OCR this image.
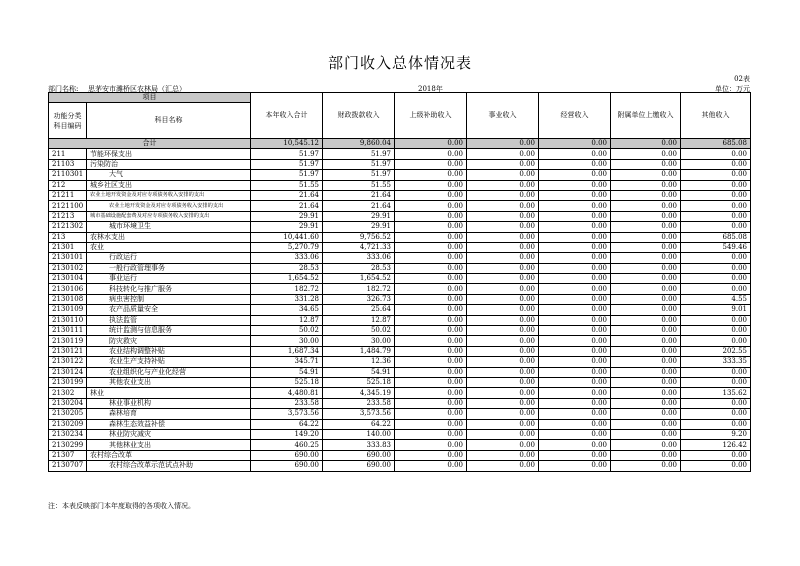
部门收入总体情况表
02表
部门名称: 思茅安市濉桥区农林局（汇总）	2018年	单位：万元
项目		本年收入合计	财政拨款收入	上级补助收入	事业收入	经营收入	附属单位上缴收入	其他收入
功能分类科目编码	科目名称							
合计		10,545.12	9,860.04	0.00	0.00	0.00	0.00	685.08
211	节能环保支出	51.97	51.97	0.00	0.00	0.00	0.00	0.00
21103	污染防治	51.97	51.97	0.00	0.00	0.00	0.00	0.00
2110301	大气	51.97	51.97	0.00	0.00	0.00	0.00	0.00
212	城乡社区支出	51.55	51.55	0.00	0.00	0.00	0.00	0.00
21211	农业土地开发资金及对应专项债务收入安排的支出	21.64	21.64	0.00	0.00	0.00	0.00	0.00
2121100	农业土地开发资金及对应专项债务收入安排的支出	21.64	21.64	0.00	0.00	0.00	0.00	0.00
21213	城市基础设施配套费及对应专项债务收入安排的支出	29.91	29.91	0.00	0.00	0.00	0.00	0.00
2121302	城市环境卫生	29.91	29.91	0.00	0.00	0.00	0.00	0.00
213	农林水支出	10,441.60	9,756.52	0.00	0.00	0.00	0.00	685.08
21301	农业	5,270.79	4,721.33	0.00	0.00	0.00	0.00	549.46
2130101	行政运行	333.06	333.06	0.00	0.00	0.00	0.00	0.00
2130102	一般行政管理事务	28.53	28.53	0.00	0.00	0.00	0.00	0.00
2130104	事业运行	1,654.52	1,654.52	0.00	0.00	0.00	0.00	0.00
2130106	科技转化与推广服务	182.72	182.72	0.00	0.00	0.00	0.00	0.00
2130108	病虫害控制	331.28	326.73	0.00	0.00	0.00	0.00	4.55
2130109	农产品质量安全	34.65	25.64	0.00	0.00	0.00	0.00	9.01
2130110	执法监管	12.87	12.87	0.00	0.00	0.00	0.00	0.00
2130111	统计监测与信息服务	50.02	50.02	0.00	0.00	0.00	0.00	0.00
2130119	防灾救灾	30.00	30.00	0.00	0.00	0.00	0.00	0.00
2130121	农业结构调整补贴	1,687.34	1,484.79	0.00	0.00	0.00	0.00	202.55
2130122	农业生产支持补贴	345.71	12.36	0.00	0.00	0.00	0.00	333.35
2130124	农业组织化与产业化经营	54.91	54.91	0.00	0.00	0.00	0.00	0.00
2130199	其他农业支出	525.18	525.18	0.00	0.00	0.00	0.00	0.00
21302	林业	4,480.81	4,345.19	0.00	0.00	0.00	0.00	135.62
2130204	林业事业机构	233.58	233.58	0.00	0.00	0.00	0.00	0.00
2130205	森林培育	3,573.56	3,573.56	0.00	0.00	0.00	0.00	0.00
2130209	森林生态效益补偿	64.22	64.22	0.00	0.00	0.00	0.00	0.00
2130234	林业防灾减灾	149.20	140.00	0.00	0.00	0.00	0.00	9.20
2130299	其他林业支出	460.25	333.83	0.00	0.00	0.00	0.00	126.42
21307	农村综合改革	690.00	690.00	0.00	0.00	0.00	0.00	0.00
2130707	农村综合改革示范试点补助	690.00	690.00	0.00	0.00	0.00	0.00	0.00
注：本表反映部门本年度取得的各项收入情况。
